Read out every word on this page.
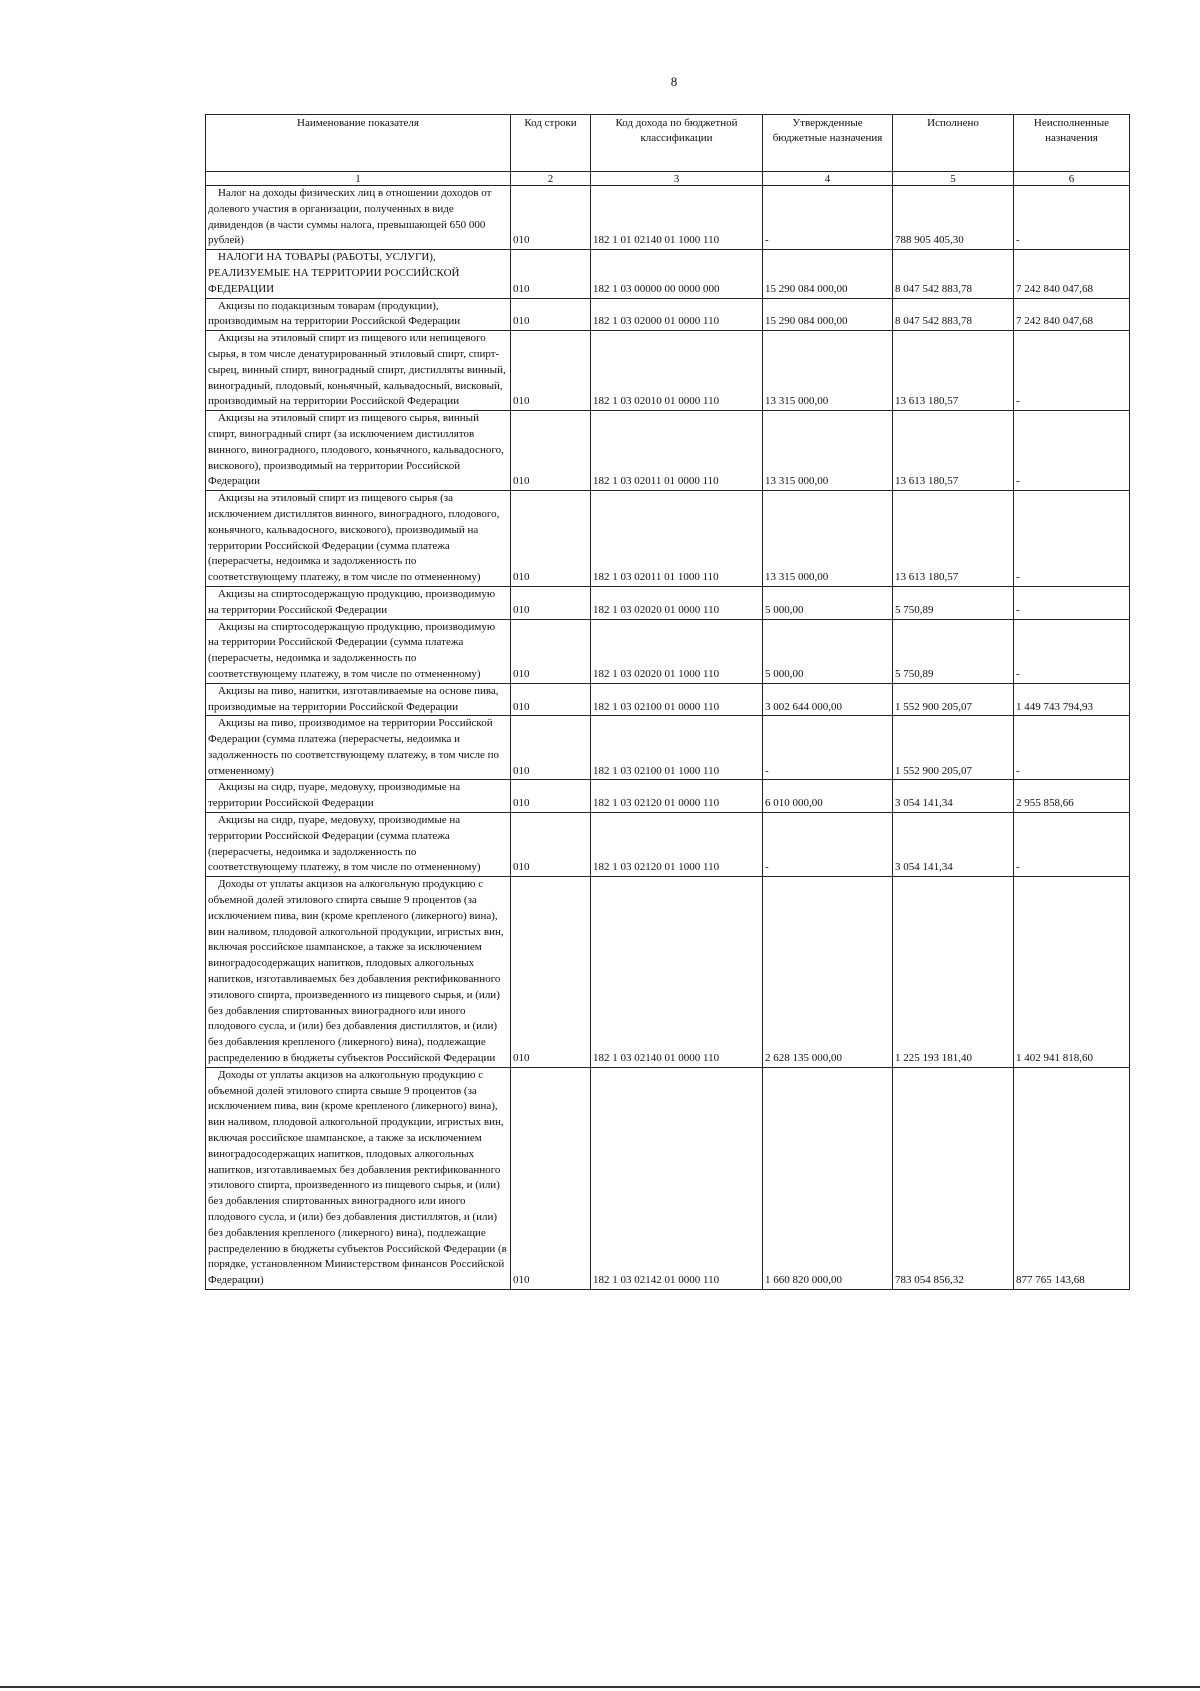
8
Наименование показателя	Код строки	Код дохода по бюджетной классификации	Утвержденные бюджетные назначения	Исполнено	Неисполненные назначения
1	2	3	4	5	6

Налог на доходы физических лиц в отношении доходов от долевого участия в организации, полученных в виде дивидендов (в части суммы налога, превышающей 650 000 рублей)	010	182 1 01 02140 01 1000 110	-	788 905 405,30	-

НАЛОГИ НА ТОВАРЫ (РАБОТЫ, УСЛУГИ), РЕАЛИЗУЕМЫЕ НА ТЕРРИТОРИИ РОССИЙСКОЙ ФЕДЕРАЦИИ	010	182 1 03 00000 00 0000 000	15 290 084 000,00	8 047 542 883,78	7 242 840 047,68

Акцизы по подакцизным товарам (продукции), производимым на территории Российской Федерации	010	182 1 03 02000 01 0000 110	15 290 084 000,00	8 047 542 883,78	7 242 840 047,68

Акцизы на этиловый спирт из пищевого или непищевого сырья, в том числе денатурированный этиловый спирт, спирт-сырец, винный спирт, виноградный спирт, дистилляты винный, виноградный, плодовый, коньячный, кальвадосный, висковый, производимый на территории Российской Федерации	010	182 1 03 02010 01 0000 110	13 315 000,00	13 613 180,57	-

Акцизы на этиловый спирт из пищевого сырья, винный спирт, виноградный спирт (за исключением дистиллятов винного, виноградного, плодового, коньячного, кальвадосного, вискового), производимый на территории Российской Федерации	010	182 1 03 02011 01 0000 110	13 315 000,00	13 613 180,57	-

Акцизы на этиловый спирт из пищевого сырья (за исключением дистиллятов винного, виноградного, плодового, коньячного, кальвадосного, вискового), производимый на территории Российской Федерации (сумма платежа (перерасчеты, недоимка и задолженность по соответствующему платежу, в том числе по отмененному)	010	182 1 03 02011 01 1000 110	13 315 000,00	13 613 180,57	-

Акцизы на спиртосодержащую продукцию, производимую на территории Российской Федерации	010	182 1 03 02020 01 0000 110	5 000,00	5 750,89	-

Акцизы на спиртосодержащую продукцию, производимую на территории Российской Федерации (сумма платежа (перерасчеты, недоимка и задолженность по соответствующему платежу, в том числе по отмененному)	010	182 1 03 02020 01 1000 110	5 000,00	5 750,89	-

Акцизы на пиво, напитки, изготавливаемые на основе пива, производимые на территории Российской Федерации	010	182 1 03 02100 01 0000 110	3 002 644 000,00	1 552 900 205,07	1 449 743 794,93

Акцизы на пиво, производимое на территории Российской Федерации (сумма платежа (перерасчеты, недоимка и задолженность по соответствующему платежу, в том числе по отмененному)	010	182 1 03 02100 01 1000 110	-	1 552 900 205,07	-

Акцизы на сидр, пуаре, медовуху, производимые на территории Российской Федерации	010	182 1 03 02120 01 0000 110	6 010 000,00	3 054 141,34	2 955 858,66

Акцизы на сидр, пуаре, медовуху, производимые на территории Российской Федерации (сумма платежа (перерасчеты, недоимка и задолженность по соответствующему платежу, в том числе по отмененному)	010	182 1 03 02120 01 1000 110	-	3 054 141,34	-

Доходы от уплаты акцизов на алкогольную продукцию с объемной долей этилового спирта свыше 9 процентов (за исключением пива, вин (кроме крепленого (ликерного) вина), вин наливом, плодовой алкогольной продукции, игристых вин, включая российское шампанское, а также за исключением виноградосодержащих напитков, плодовых алкогольных напитков, изготавливаемых без добавления ректификованного этилового спирта, произведенного из пищевого сырья, и (или) без добавления спиртованных виноградного или иного плодового сусла, и (или) без добавления дистиллятов, и (или) без добавления крепленого (ликерного) вина), подлежащие распределению в бюджеты субъектов Российской Федерации	010	182 1 03 02140 01 0000 110	2 628 135 000,00	1 225 193 181,40	1 402 941 818,60

Доходы от уплаты акцизов на алкогольную продукцию с объемной долей этилового спирта свыше 9 процентов (за исключением пива, вин (кроме крепленого (ликерного) вина), вин наливом, плодовой алкогольной продукции, игристых вин, включая российское шампанское, а также за исключением виноградосодержащих напитков, плодовых алкогольных напитков, изготавливаемых без добавления ректификованного этилового спирта, произведенного из пищевого сырья, и (или) без добавления спиртованных виноградного или иного плодового сусла, и (или) без добавления дистиллятов, и (или) без добавления крепленого (ликерного) вина), подлежащие распределению в бюджеты субъектов Российской Федерации (в порядке, установленном Министерством финансов Российской Федерации)	010	182 1 03 02142 01 0000 110	1 660 820 000,00	783 054 856,32	877 765 143,68
